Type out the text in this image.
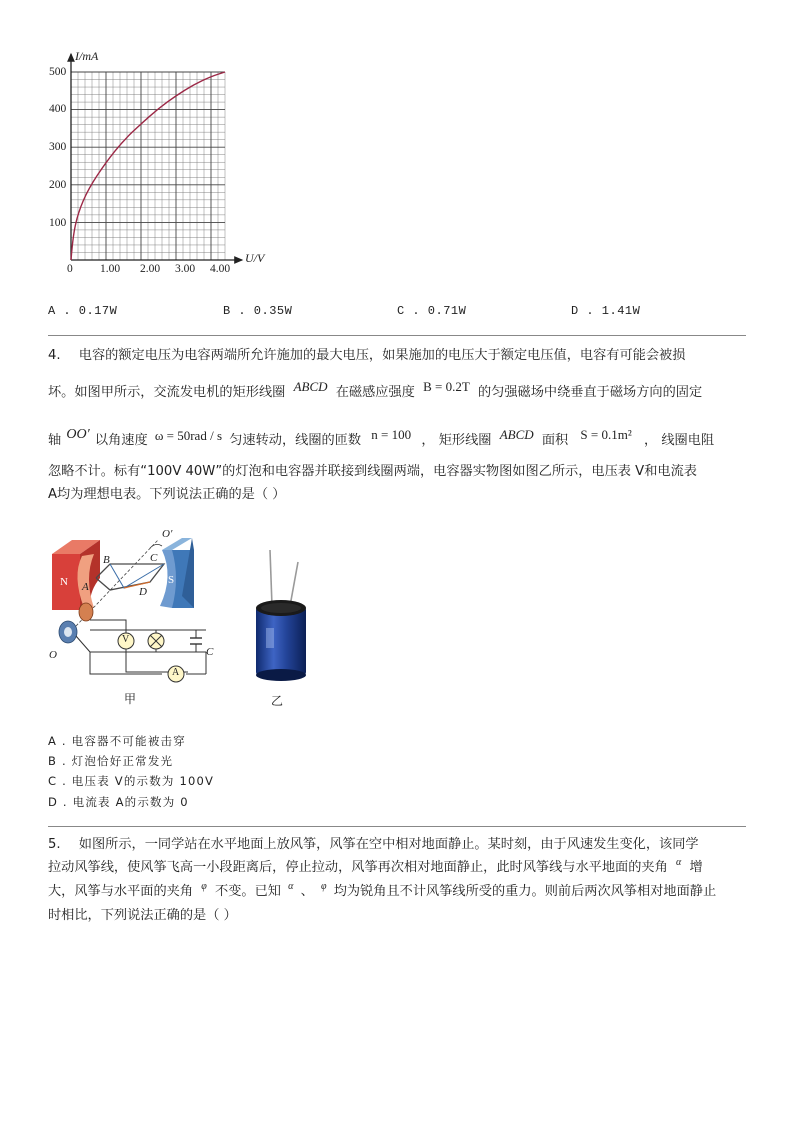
I/mA
U/V
0 1.00 2.00 3.00 4.00
100
200
300
400
500
A . 0.17W	B . 0.35W	C . 0.71W	D . 1.41W
4. 电容的额定电压为电容两端所允许施加的最大电压，如果施加的电压大于额定电压值，电容有可能会被损
坏。如图甲所示，交流发电机的矩形线圈 ABCD 在磁感应强度 B = 0.2T 的匀强磁场中绕垂直于磁场方向的固定
轴 OO′ 以角速度 ω = 50rad / s 匀速转动，线圈的匝数 n = 100 ， 矩形线圈 ABCD 面积 S = 0.1m² ， 线圈电阻
忽略不计。标有“100V 40W”的灯泡和电容器并联接到线圈两端，电容器实物图如图乙所示，电压表 V和电流表
A均为理想电表。下列说法正确的是（ ）
N	S
A
B	C
D
O′
O
V
A
C
甲	乙
A . 电容器不可能被击穿
B . 灯泡恰好正常发光
C . 电压表 V的示数为 100V
D . 电流表 A的示数为 0
5. 如图所示，一同学站在水平地面上放风筝，风筝在空中相对地面静止。某时刻，由于风速发生变化，该同学
拉动风筝线，使风筝飞高一小段距离后，停止拉动，风筝再次相对地面静止，此时风筝线与水平地面的夹角 $^\alpha$ 增
大，风筝与水平面的夹角 $^\varphi$ 不变。已知 $^\alpha$ 、 $^\varphi$ 均为锐角且不计风筝线所受的重力。则前后两次风筝相对地面静止
时相比，下列说法正确的是（ ）
